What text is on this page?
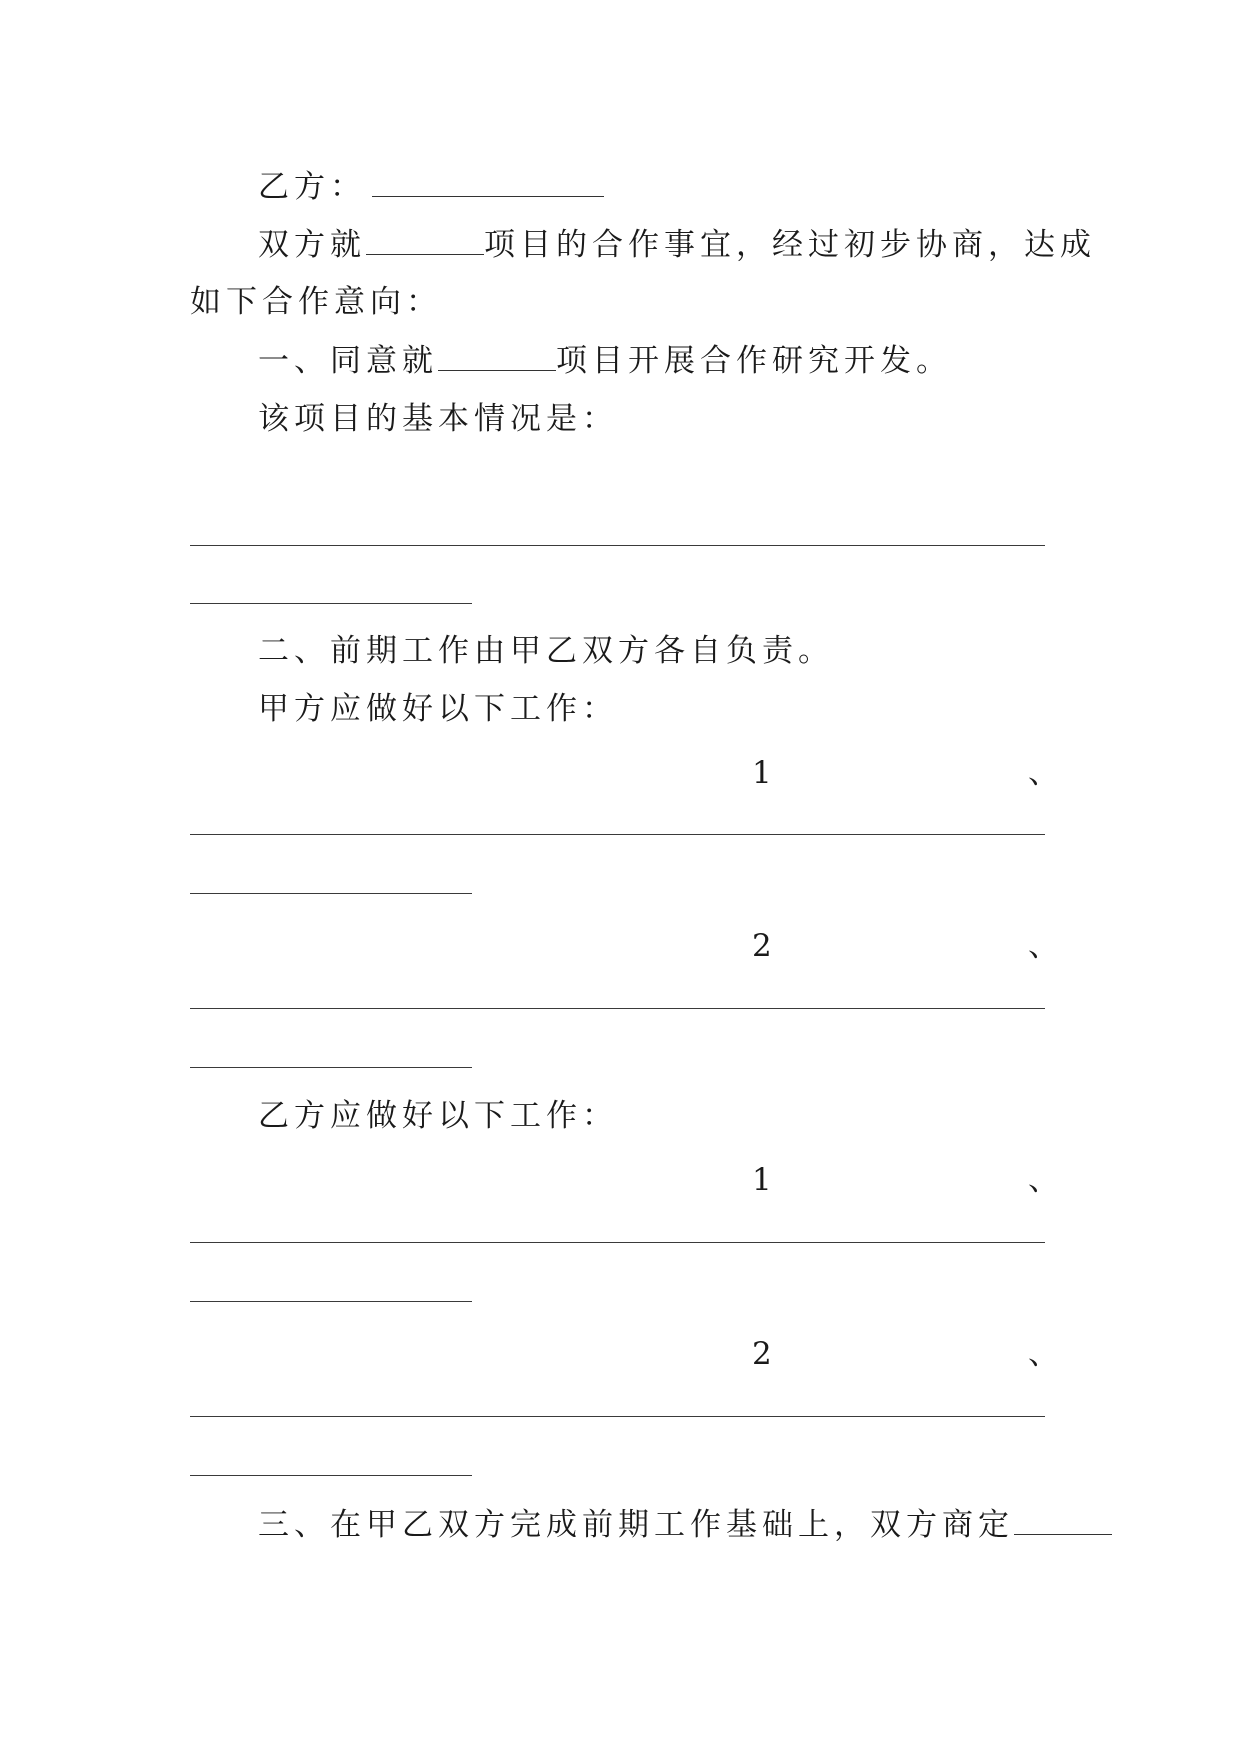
乙方：
双方就	项目的合作事宜，经过初步协商，达成
如下合作意向：
一、同意就	项目开展合作研究开发。
该项目的基本情况是：
二、前期工作由甲乙双方各自负责。
甲方应做好以下工作：
1	、
2	、
乙方应做好以下工作：
1	、
2	、
三、在甲乙双方完成前期工作基础上，双方商定
